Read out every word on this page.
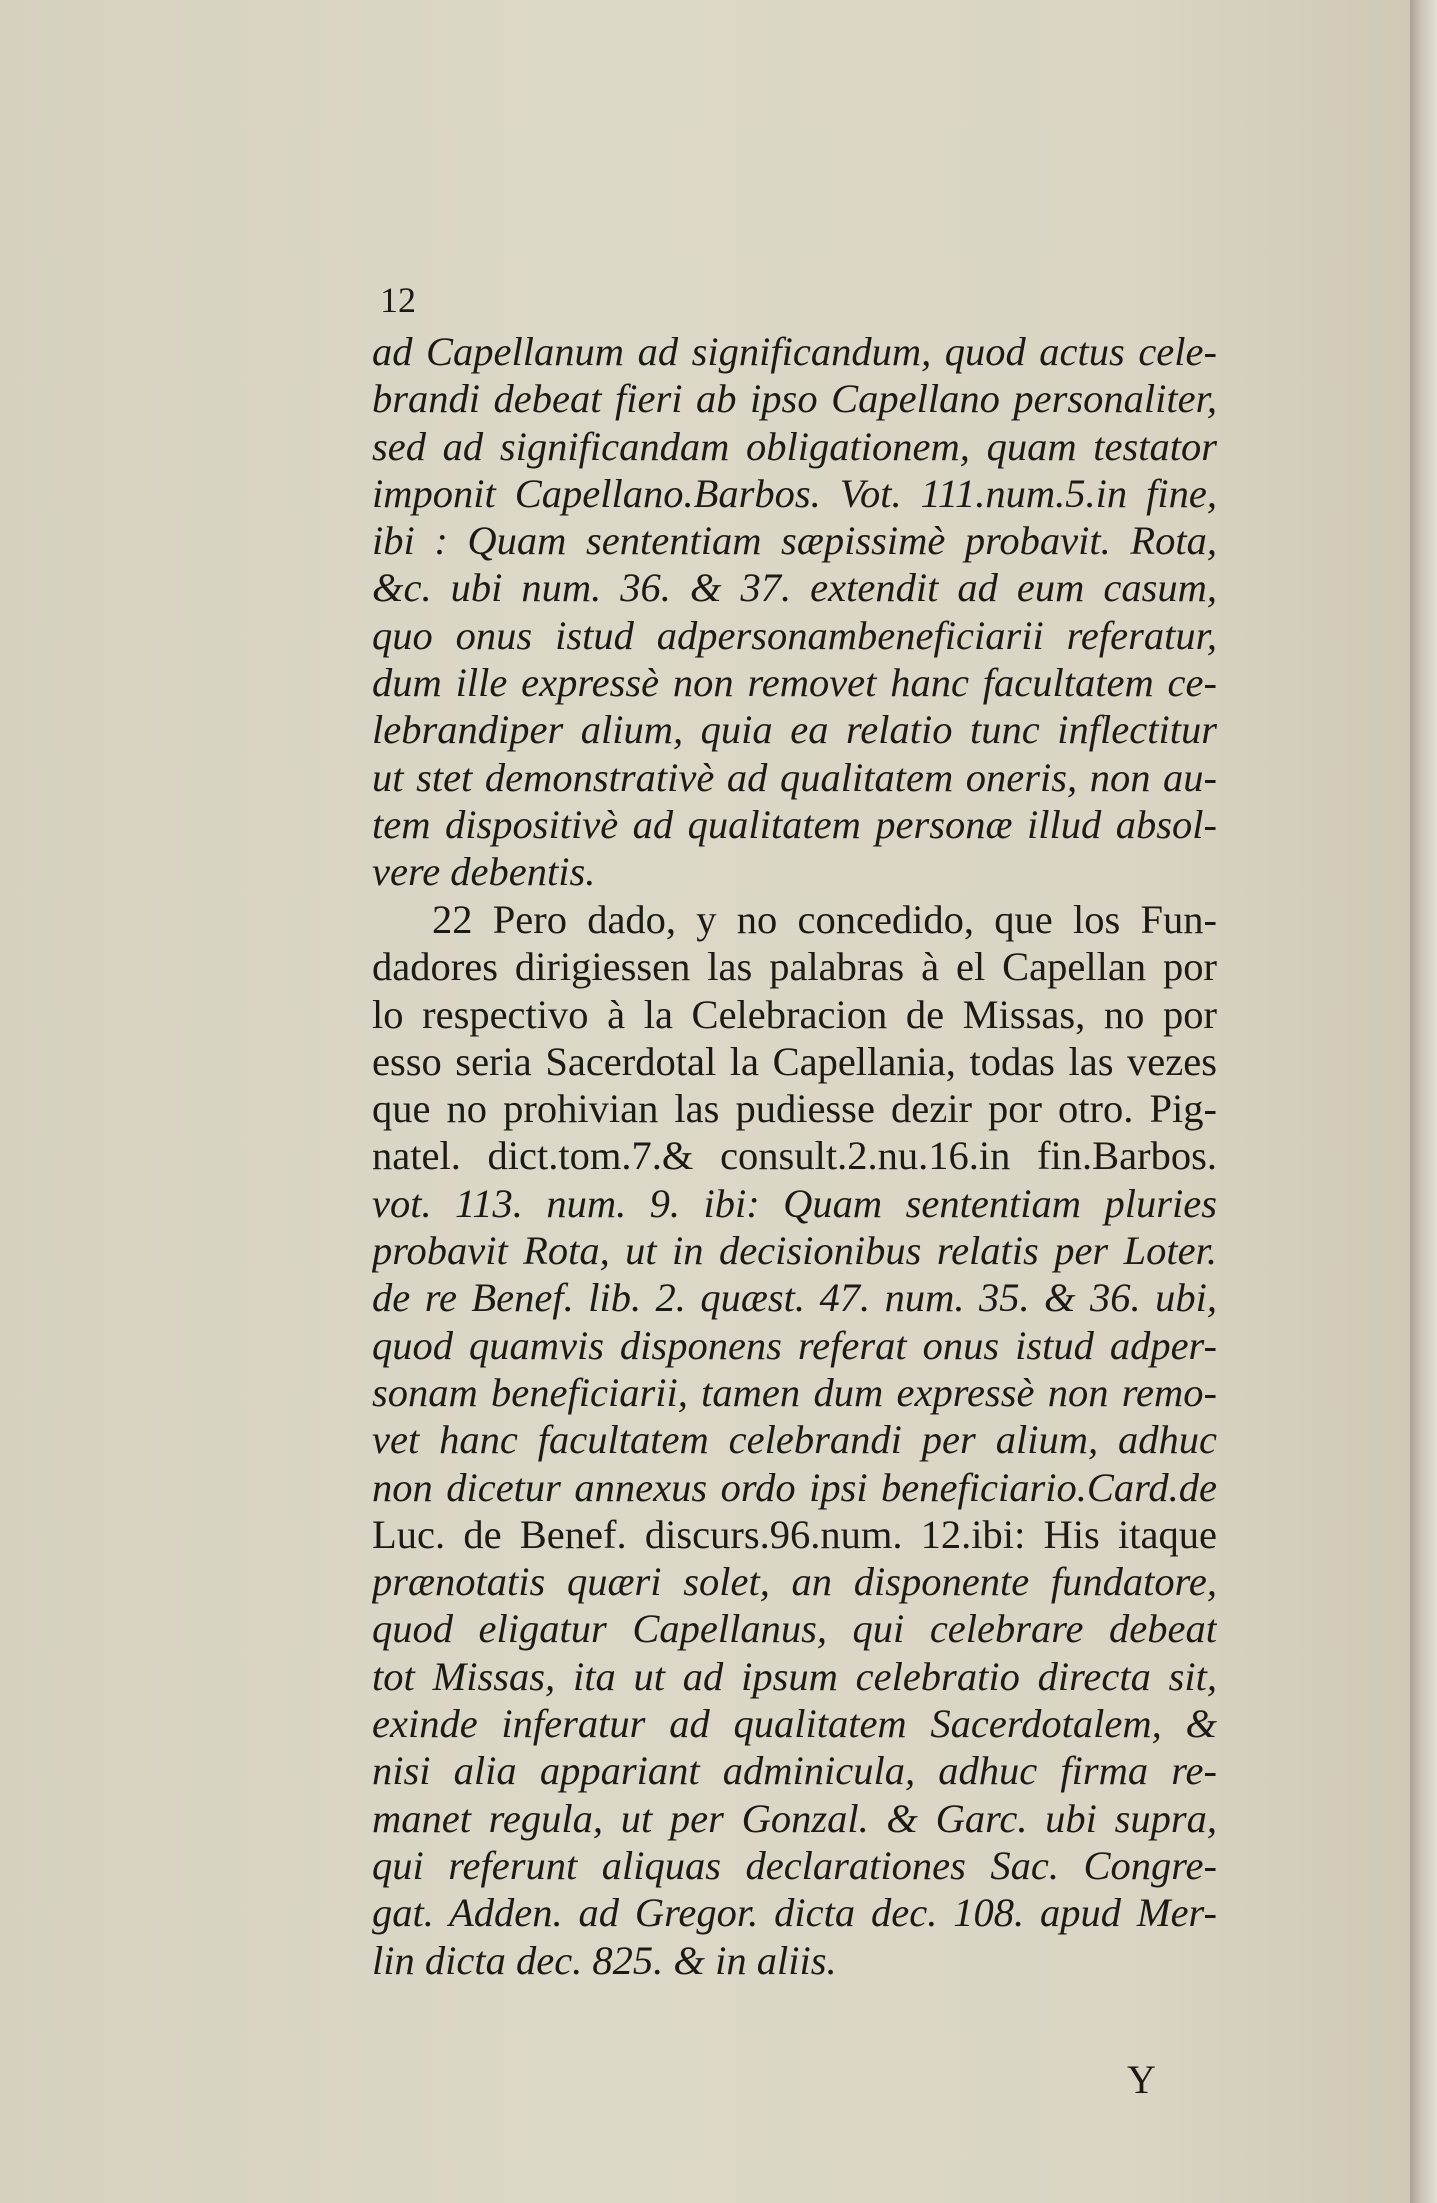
12
ad Capellanum ad significandum, quod actus cele-
brandi debeat fieri ab ipso Capellano personaliter,
sed ad significandam obligationem, quam testator
imponit Capellano.Barbos. Vot. 111.num.5.in fine,
ibi : Quam sententiam sæpissimè probavit. Rota,
&c. ubi num. 36. & 37. extendit ad eum casum,
quo onus istud adpersonambeneficiarii referatur,
dum ille expressè non removet hanc facultatem ce-
lebrandiper alium, quia ea relatio tunc inflectitur
ut stet demonstrativè ad qualitatem oneris, non au-
tem dispositivè ad qualitatem personæ illud absol-
vere debentis.
22 Pero dado, y no concedido, que los Fun-
dadores dirigiessen las palabras à el Capellan por
lo respectivo à la Celebracion de Missas, no por
esso seria Sacerdotal la Capellania, todas las vezes
que no prohivian las pudiesse dezir por otro. Pig-
natel. dict.tom.7.& consult.2.nu.16.in fin.Barbos.
vot. 113. num. 9. ibi: Quam sententiam pluries
probavit Rota, ut in decisionibus relatis per Loter.
de re Benef. lib. 2. quæst. 47. num. 35. & 36. ubi,
quod quamvis disponens referat onus istud adper-
sonam beneficiarii, tamen dum expressè non remo-
vet hanc facultatem celebrandi per alium, adhuc
non dicetur annexus ordo ipsi beneficiario.Card.de
Luc. de Benef. discurs.96.num. 12.ibi: His itaque
prænotatis quæri solet, an disponente fundatore,
quod eligatur Capellanus, qui celebrare debeat
tot Missas, ita ut ad ipsum celebratio directa sit,
exinde inferatur ad qualitatem Sacerdotalem, &
nisi alia appariant adminicula, adhuc firma re-
manet regula, ut per Gonzal. & Garc. ubi supra,
qui referunt aliquas declarationes Sac. Congre-
gat. Adden. ad Gregor. dicta dec. 108. apud Mer-
lin dicta dec. 825. & in aliis.
Y
